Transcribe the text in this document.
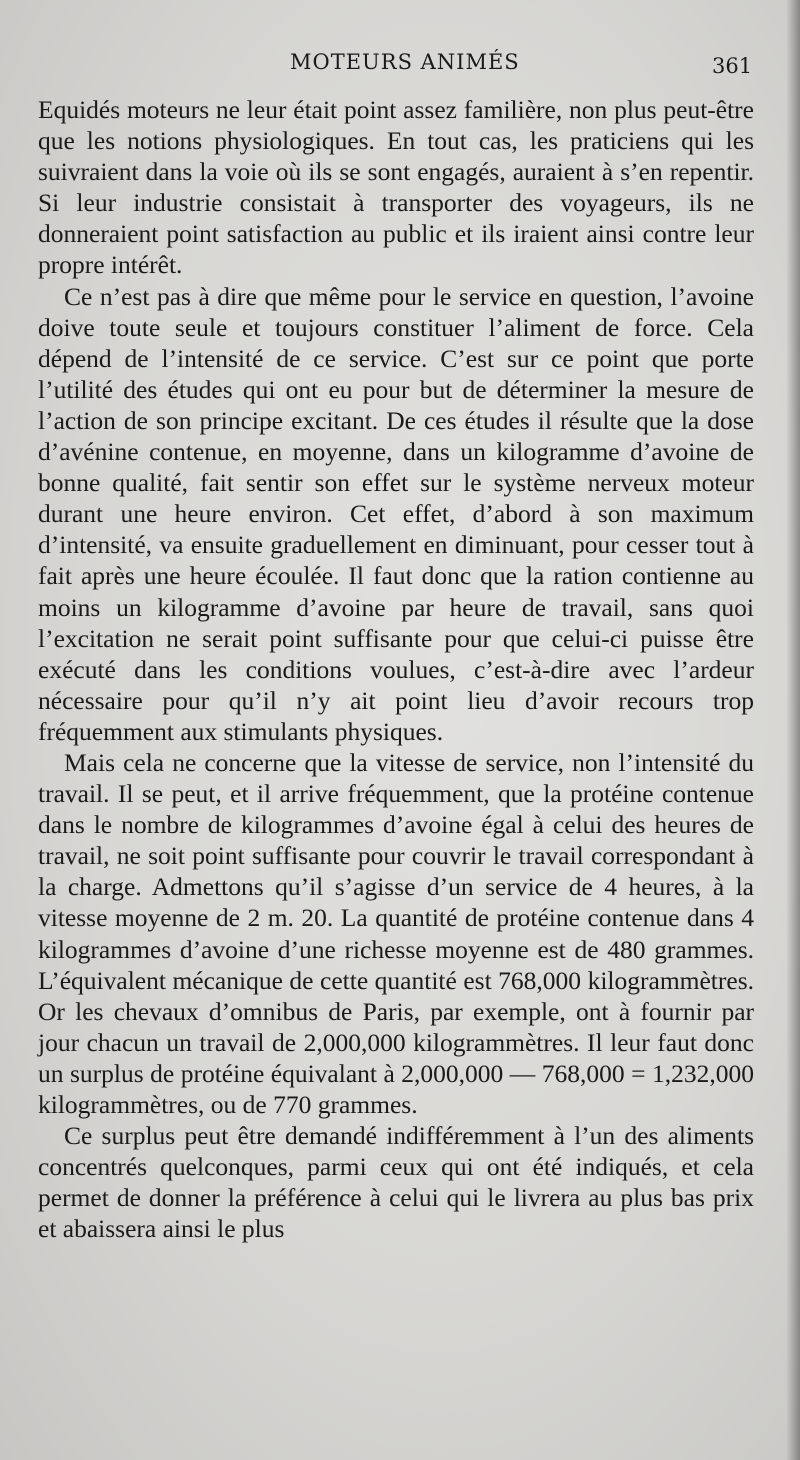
MOTEURS ANIMÉS	361

Equidés moteurs ne leur était point assez familière, non plus peut-être que les notions physiologiques. En tout cas, les praticiens qui les suivraient dans la voie où ils se sont engagés, auraient à s’en repentir. Si leur industrie consistait à transporter des voyageurs, ils ne donneraient point satisfaction au public et ils iraient ainsi contre leur propre intérêt.

Ce n’est pas à dire que même pour le service en question, l’avoine doive toute seule et toujours constituer l’aliment de force. Cela dépend de l’intensité de ce service. C’est sur ce point que porte l’utilité des études qui ont eu pour but de déterminer la mesure de l’action de son principe excitant. De ces études il résulte que la dose d’avénine contenue, en moyenne, dans un kilogramme d’avoine de bonne qualité, fait sentir son effet sur le système nerveux moteur durant une heure environ. Cet effet, d’abord à son maximum d’intensité, va ensuite graduellement en diminuant, pour cesser tout à fait après une heure écoulée. Il faut donc que la ration contienne au moins un kilogramme d’avoine par heure de travail, sans quoi l’excitation ne serait point suffisante pour que celui-ci puisse être exécuté dans les conditions voulues, c’est-à-dire avec l’ardeur nécessaire pour qu’il n’y ait point lieu d’avoir recours trop fréquemment aux stimulants physiques.

Mais cela ne concerne que la vitesse de service, non l’intensité du travail. Il se peut, et il arrive fréquemment, que la protéine contenue dans le nombre de kilogrammes d’avoine égal à celui des heures de travail, ne soit point suffisante pour couvrir le travail correspondant à la charge. Admettons qu’il s’agisse d’un service de 4 heures, à la vitesse moyenne de 2 m. 20. La quantité de protéine contenue dans 4 kilogrammes d’avoine d’une richesse moyenne est de 480 grammes. L’équivalent mécanique de cette quantité est 768,000 kilogrammètres. Or les chevaux d’omnibus de Paris, par exemple, ont à fournir par jour chacun un travail de 2,000,000 kilogrammètres. Il leur faut donc un surplus de protéine équivalant à 2,000,000 — 768,000 = 1,232,000 kilogrammètres, ou de 770 grammes.

Ce surplus peut être demandé indifféremment à l’un des aliments concentrés quelconques, parmi ceux qui ont été indiqués, et cela permet de donner la préférence à celui qui le livrera au plus bas prix et abaissera ainsi le plus
